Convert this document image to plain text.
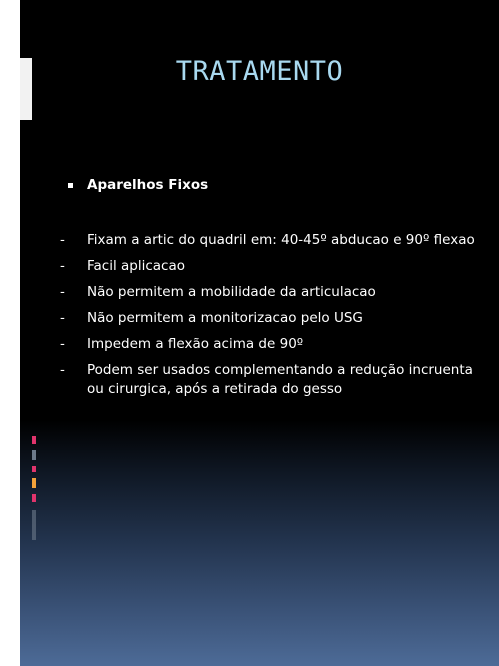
TRATAMENTO
Aparelhos Fixos
- Fixam a artic do quadril em: 40-45º abducao e 90º flexao
- Facil aplicacao
- Não permitem a mobilidade da articulacao
- Não permitem a monitorizacao pelo USG
- Impedem a flexão acima de 90º
- Podem ser usados complementando a redução incruenta ou cirurgica, após a retirada do gesso
